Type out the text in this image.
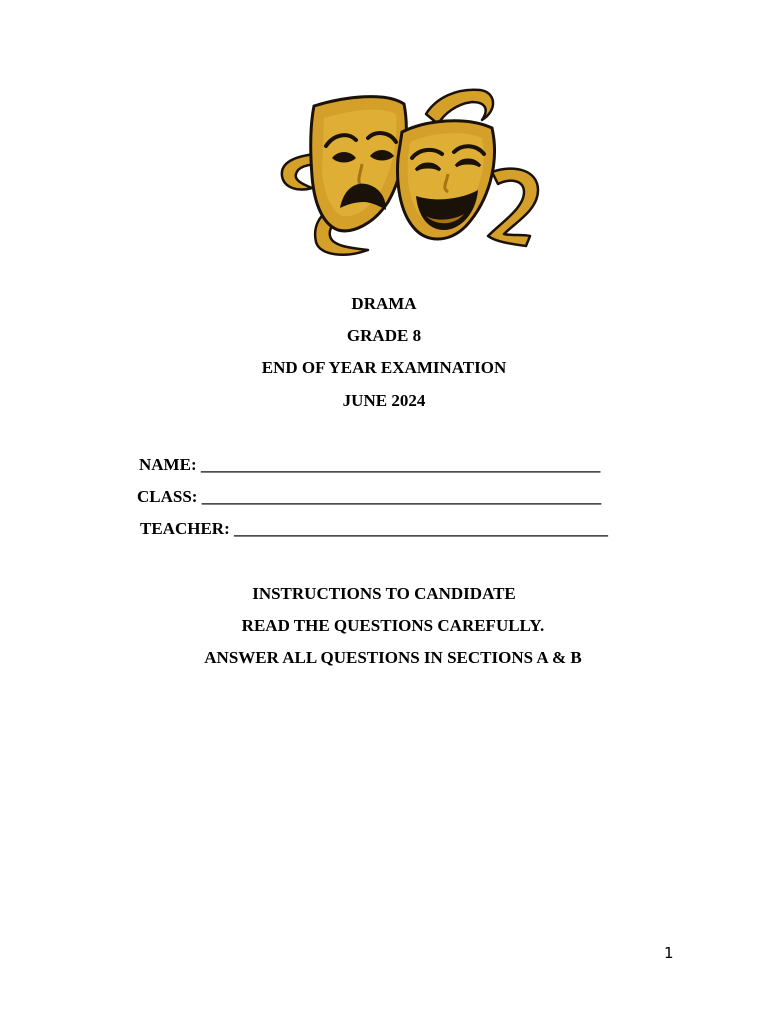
DRAMA
GRADE 8
END OF YEAR EXAMINATION
JUNE 2024
NAME: _______________________________________________
CLASS: _______________________________________________
TEACHER: ____________________________________________
INSTRUCTIONS TO CANDIDATE
READ THE QUESTIONS CAREFULLY.
ANSWER ALL QUESTIONS IN SECTIONS A & B
1
